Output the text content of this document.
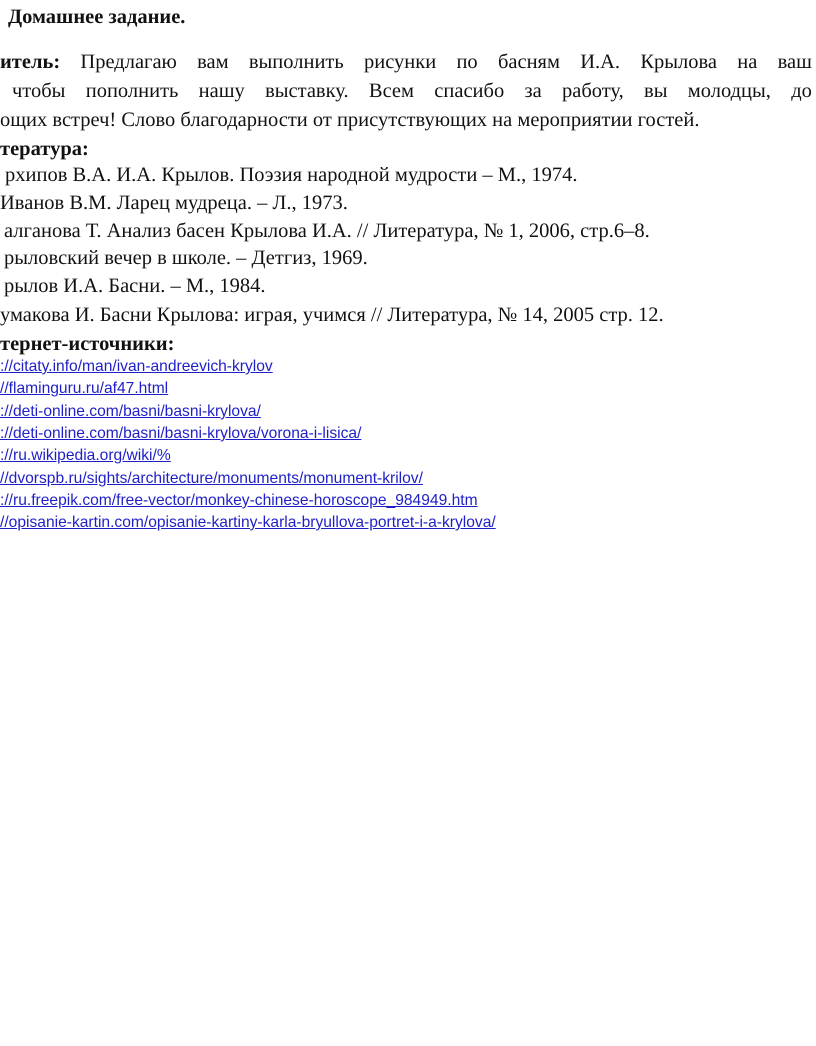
Домашнее задание.
итель: Предлагаю вам выполнить рисунки по басням И.А. Крылова на ваш
чтобы пополнить нашу выставку. Всем спасибо за работу, вы молодцы, до
ощих встреч! Слово благодарности от присутствующих на мероприятии гостей.
тература:
рхипов В.А. И.А. Крылов. Поэзия народной мудрости – М., 1974.
Иванов В.М. Ларец мудреца. – Л., 1973.
алганова Т. Анализ басен Крылова И.А. // Литература, № 1, 2006, стр.6–8.
рыловский вечер в школе. – Детгиз, 1969.
рылов И.А. Басни. – М., 1984.
умакова И. Басни Крылова: играя, учимся // Литература, № 14, 2005 стр. 12.
тернет-источники:
://citaty.info/man/ivan-andreevich-krylov
//flaminguru.ru/af47.html
://deti-online.com/basni/basni-krylova/
://deti-online.com/basni/basni-krylova/vorona-i-lisica/
://ru.wikipedia.org/wiki/%
//dvorspb.ru/sights/architecture/monuments/monument-krilov/
://ru.freepik.com/free-vector/monkey-chinese-horoscope_984949.htm
//opisanie-kartin.com/opisanie-kartiny-karla-bryullova-portret-i-a-krylova/
